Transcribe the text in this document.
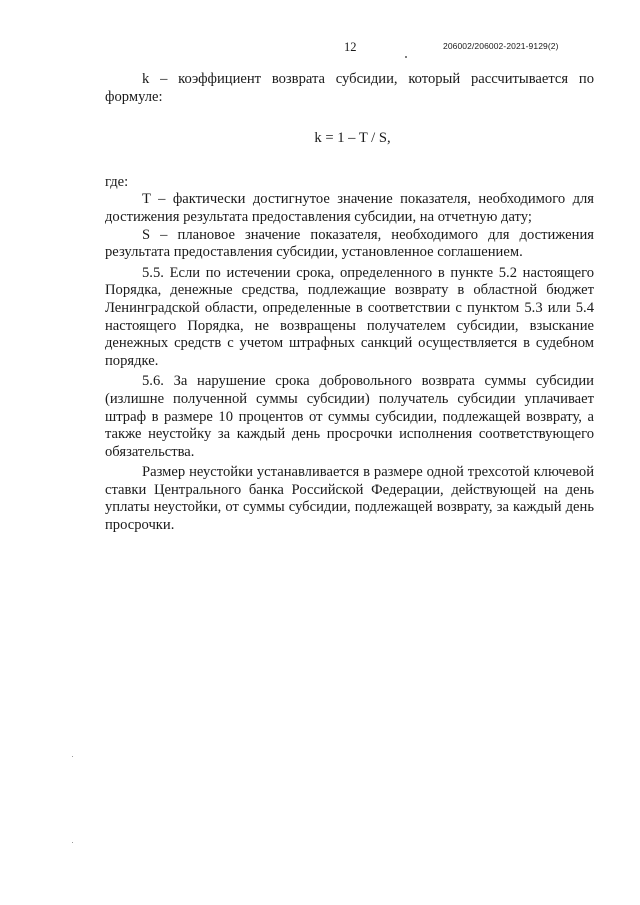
12	206002/206002-2021-9129(2)

k – коэффициент возврата субсидии, который рассчитывается по формуле:

k = 1 – T / S,

где:

T – фактически достигнутое значение показателя, необходимого для достижения результата предоставления субсидии, на отчетную дату;

S – плановое значение показателя, необходимого для достижения результата предоставления субсидии, установленное соглашением.

5.5. Если по истечении срока, определенного в пункте 5.2 настоящего Порядка, денежные средства, подлежащие возврату в областной бюджет Ленинградской области, определенные в соответствии с пунктом 5.3 или 5.4 настоящего Порядка, не возвращены получателем субсидии, взыскание денежных средств с учетом штрафных санкций осуществляется в судебном порядке.

5.6. За нарушение срока добровольного возврата суммы субсидии (излишне полученной суммы субсидии) получатель субсидии уплачивает штраф в размере 10 процентов от суммы субсидии, подлежащей возврату, а также неустойку за каждый день просрочки исполнения соответствующего обязательства.

Размер неустойки устанавливается в размере одной трехсотой ключевой ставки Центрального банка Российской Федерации, действующей на день уплаты неустойки, от суммы субсидии, подлежащей возврату, за каждый день просрочки.
